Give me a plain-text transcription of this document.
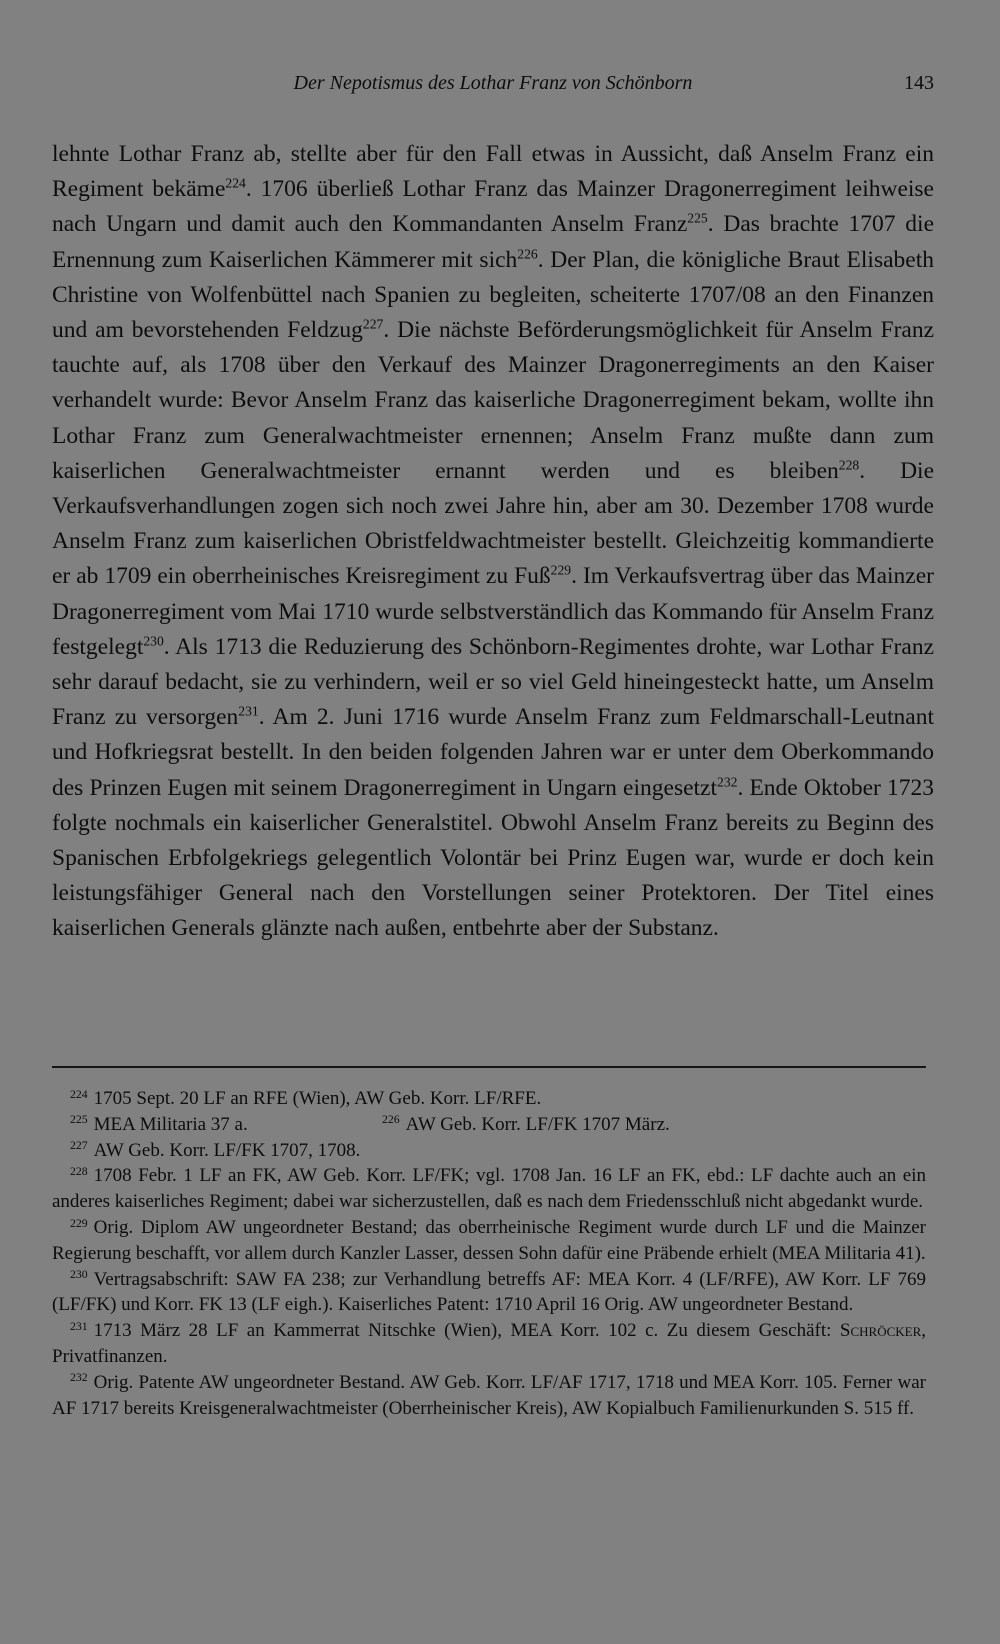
Der Nepotismus des Lothar Franz von Schönborn	143

lehnte Lothar Franz ab, stellte aber für den Fall etwas in Aussicht, daß Anselm Franz ein Regiment bekäme$^{224}$. 1706 überließ Lothar Franz das Mainzer Dragonerregiment leihweise nach Ungarn und damit auch den Kommandanten Anselm Franz$^{225}$. Das brachte 1707 die Ernennung zum Kaiserlichen Kämmerer mit sich$^{226}$. Der Plan, die königliche Braut Elisabeth Christine von Wolfenbüttel nach Spanien zu begleiten, scheiterte 1707/08 an den Finanzen und am bevorstehenden Feldzug$^{227}$. Die nächste Beförderungsmöglichkeit für Anselm Franz tauchte auf, als 1708 über den Verkauf des Mainzer Dragonerregiments an den Kaiser verhandelt wurde: Bevor Anselm Franz das kaiserliche Dragonerregiment bekam, wollte ihn Lothar Franz zum Generalwachtmeister ernennen; Anselm Franz mußte dann zum kaiserlichen Generalwachtmeister ernannt werden und es bleiben$^{228}$. Die Verkaufsverhandlungen zogen sich noch zwei Jahre hin, aber am 30. Dezember 1708 wurde Anselm Franz zum kaiserlichen Obristfeldwachtmeister bestellt. Gleichzeitig kommandierte er ab 1709 ein oberrheinisches Kreisregiment zu Fuß$^{229}$. Im Verkaufsvertrag über das Mainzer Dragonerregiment vom Mai 1710 wurde selbstverständlich das Kommando für Anselm Franz festgelegt$^{230}$. Als 1713 die Reduzierung des Schönborn-Regimentes drohte, war Lothar Franz sehr darauf bedacht, sie zu verhindern, weil er so viel Geld hineingesteckt hatte, um Anselm Franz zu versorgen$^{231}$. Am 2. Juni 1716 wurde Anselm Franz zum Feldmarschall-Leutnant und Hofkriegsrat bestellt. In den beiden folgenden Jahren war er unter dem Oberkommando des Prinzen Eugen mit seinem Dragonerregiment in Ungarn eingesetzt$^{232}$. Ende Oktober 1723 folgte nochmals ein kaiserlicher Generalstitel. Obwohl Anselm Franz bereits zu Beginn des Spanischen Erbfolgekriegs gelegentlich Volontär bei Prinz Eugen war, wurde er doch kein leistungsfähiger General nach den Vorstellungen seiner Protektoren. Der Titel eines kaiserlichen Generals glänzte nach außen, entbehrte aber der Substanz.

$^{224}$ 1705 Sept. 20 LF an RFE (Wien), AW Geb. Korr. LF/RFE.

$^{225}$ MEA Militaria 37 a.	$^{226}$ AW Geb. Korr. LF/FK 1707 März.

$^{227}$ AW Geb. Korr. LF/FK 1707, 1708.

$^{228}$ 1708 Febr. 1 LF an FK, AW Geb. Korr. LF/FK; vgl. 1708 Jan. 16 LF an FK, ebd.: LF dachte auch an ein anderes kaiserliches Regiment; dabei war sicherzustellen, daß es nach dem Friedensschluß nicht abgedankt wurde.

$^{229}$ Orig. Diplom AW ungeordneter Bestand; das oberrheinische Regiment wurde durch LF und die Mainzer Regierung beschafft, vor allem durch Kanzler Lasser, dessen Sohn dafür eine Präbende erhielt (MEA Militaria 41).

$^{230}$ Vertragsabschrift: SAW FA 238; zur Verhandlung betreffs AF: MEA Korr. 4 (LF/RFE), AW Korr. LF 769 (LF/FK) und Korr. FK 13 (LF eigh.). Kaiserliches Patent: 1710 April 16 Orig. AW ungeordneter Bestand.

$^{231}$ 1713 März 28 LF an Kammerrat Nitschke (Wien), MEA Korr. 102 c. Zu diesem Geschäft: Schröcker, Privatfinanzen.

$^{232}$ Orig. Patente AW ungeordneter Bestand. AW Geb. Korr. LF/AF 1717, 1718 und MEA Korr. 105. Ferner war AF 1717 bereits Kreisgeneralwachtmeister (Oberrheinischer Kreis), AW Kopialbuch Familienurkunden S. 515 ff.
